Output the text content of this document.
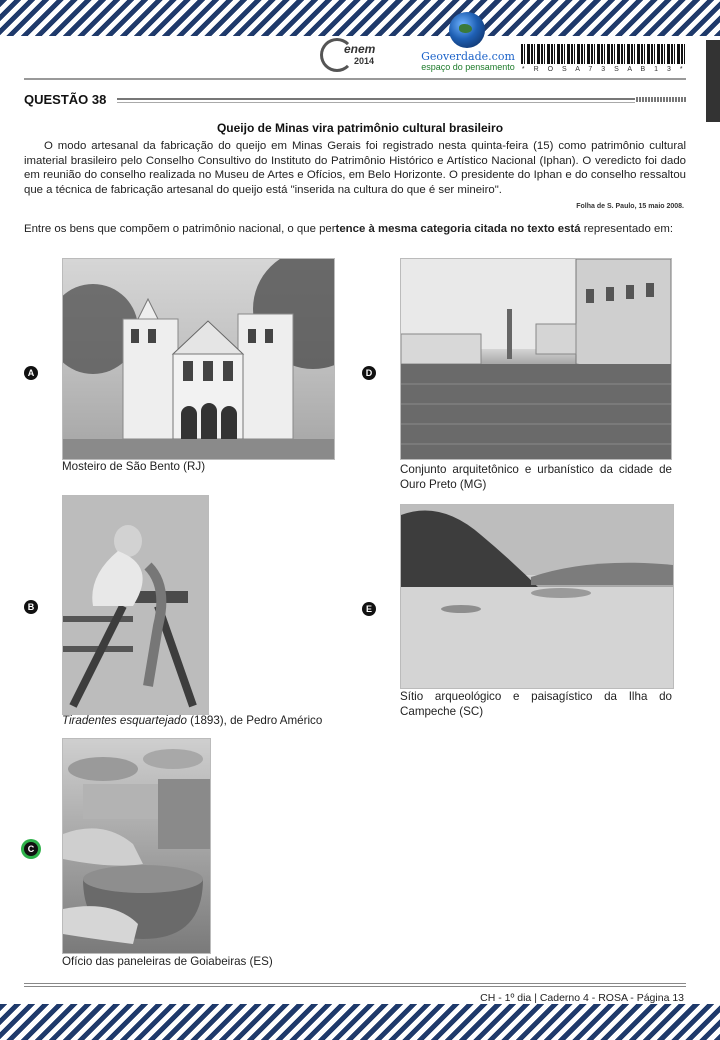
enem
2014	Geoverdade.com
espaço do pensamento	* R O S A 7 3 S A B 1 3 *
QUESTÃO 38
Queijo de Minas vira patrimônio cultural brasileiro
O modo artesanal da fabricação do queijo em Minas Gerais foi registrado nesta quinta-feira (15) como patrimônio cultural imaterial brasileiro pelo Conselho Consultivo do Instituto do Patrimônio Histórico e Artístico Nacional (Iphan). O veredicto foi dado em reunião do conselho realizada no Museu de Artes e Ofícios, em Belo Horizonte. O presidente do Iphan e do conselho ressaltou que a técnica de fabricação artesanal do queijo está "inserida na cultura do que é ser mineiro".
Folha de S. Paulo, 15 maio 2008.
Entre os bens que compõem o patrimônio nacional, o que pertence à mesma categoria citada no texto está representado em:
A
Mosteiro de São Bento (RJ)
B
Tiradentes esquartejado (1893), de Pedro Américo
C
Ofício das paneleiras de Goiabeiras (ES)
D
Conjunto arquitetônico e urbanístico da cidade de Ouro Preto (MG)
E
Sítio arqueológico e paisagístico da Ilha do Campeche (SC)
CH - 1º dia | Caderno 4 - ROSA - Página 13
